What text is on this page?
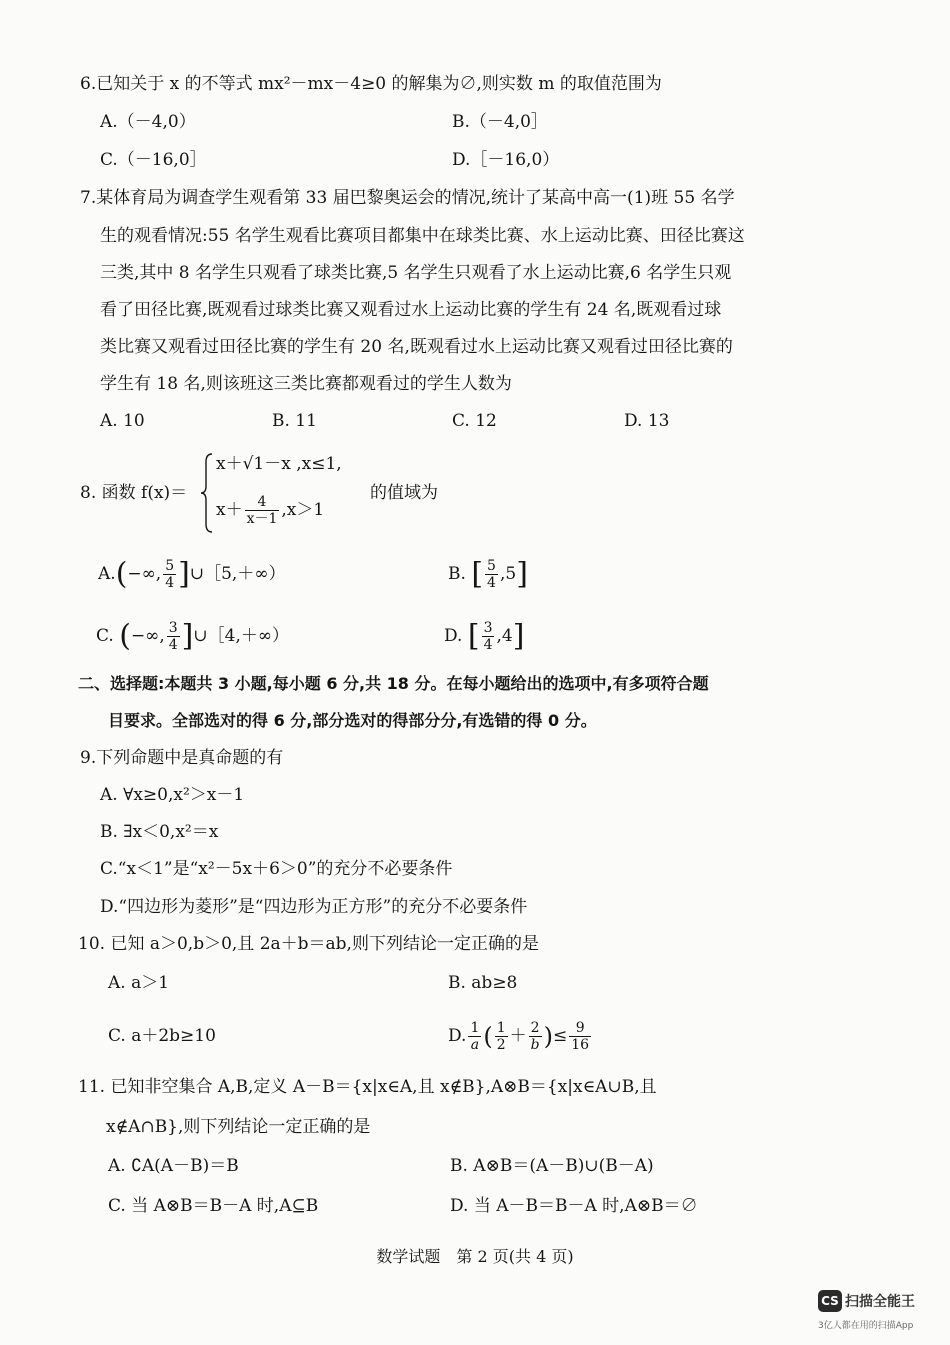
6.已知关于 x 的不等式 mx²－mx－4≥0 的解集为∅,则实数 m 的取值范围为
A.（－4,0）	B.（－4,0］
C.（－16,0］	D.［－16,0）
7.某体育局为调查学生观看第 33 届巴黎奥运会的情况,统计了某高中高一(1)班 55 名学
生的观看情况:55 名学生观看比赛项目都集中在球类比赛、水上运动比赛、田径比赛这
三类,其中 8 名学生只观看了球类比赛,5 名学生只观看了水上运动比赛,6 名学生只观
看了田径比赛,既观看过球类比赛又观看过水上运动比赛的学生有 24 名,既观看过球
类比赛又观看过田径比赛的学生有 20 名,既观看过水上运动比赛又观看过田径比赛的
学生有 18 名,则该班这三类比赛都观看过的学生人数为
A. 10	B. 11	C. 12	D. 13
8. 函数 f(x)＝
x＋√1－x ,x≤1,
$x+ \frac{4}{x-1} ,x>1$
的值域为
A.(−∞, $\frac{5}{4}$ ]∪［5,＋∞）	B. [ $\frac{5}{4} ,5$]
C. (−∞, $\frac{3}{4}$ ]∪［4,＋∞）	D. [ $\frac{3}{4} ,4$]
二、选择题:本题共 3 小题,每小题 6 分,共 18 分。在每小题给出的选项中,有多项符合题
目要求。全部选对的得 6 分,部分选对的得部分分,有选错的得 0 分。
9.下列命题中是真命题的有
A. ∀x≥0,x²＞x－1
B. ∃x＜0,x²＝x
C.“x＜1”是“x²－5x＋6＞0”的充分不必要条件
D.“四边形为菱形”是“四边形为正方形”的充分不必要条件
10. 已知 a＞0,b＞0,且 2a＋b＝ab,则下列结论一定正确的是
A. a＞1	B. ab≥8
C. a＋2b≥10	D. $\frac{1}{a}$ ( $\frac{1}{2} + \frac{2}{b}$ )≤ $\frac{9}{16}$
11. 已知非空集合 A,B,定义 A－B＝{x|x∈A,且 x∉B},A⊗B＝{x|x∈A∪B,且
x∉A∩B},则下列结论一定正确的是
A. ∁A(A－B)＝B	B. A⊗B＝(A－B)∪(B－A)
C. 当 A⊗B＝B－A 时,A⊆B	D. 当 A－B＝B－A 时,A⊗B＝∅
数学试题　第 2 页(共 4 页)
CS 扫描全能王
3亿人都在用的扫描App
